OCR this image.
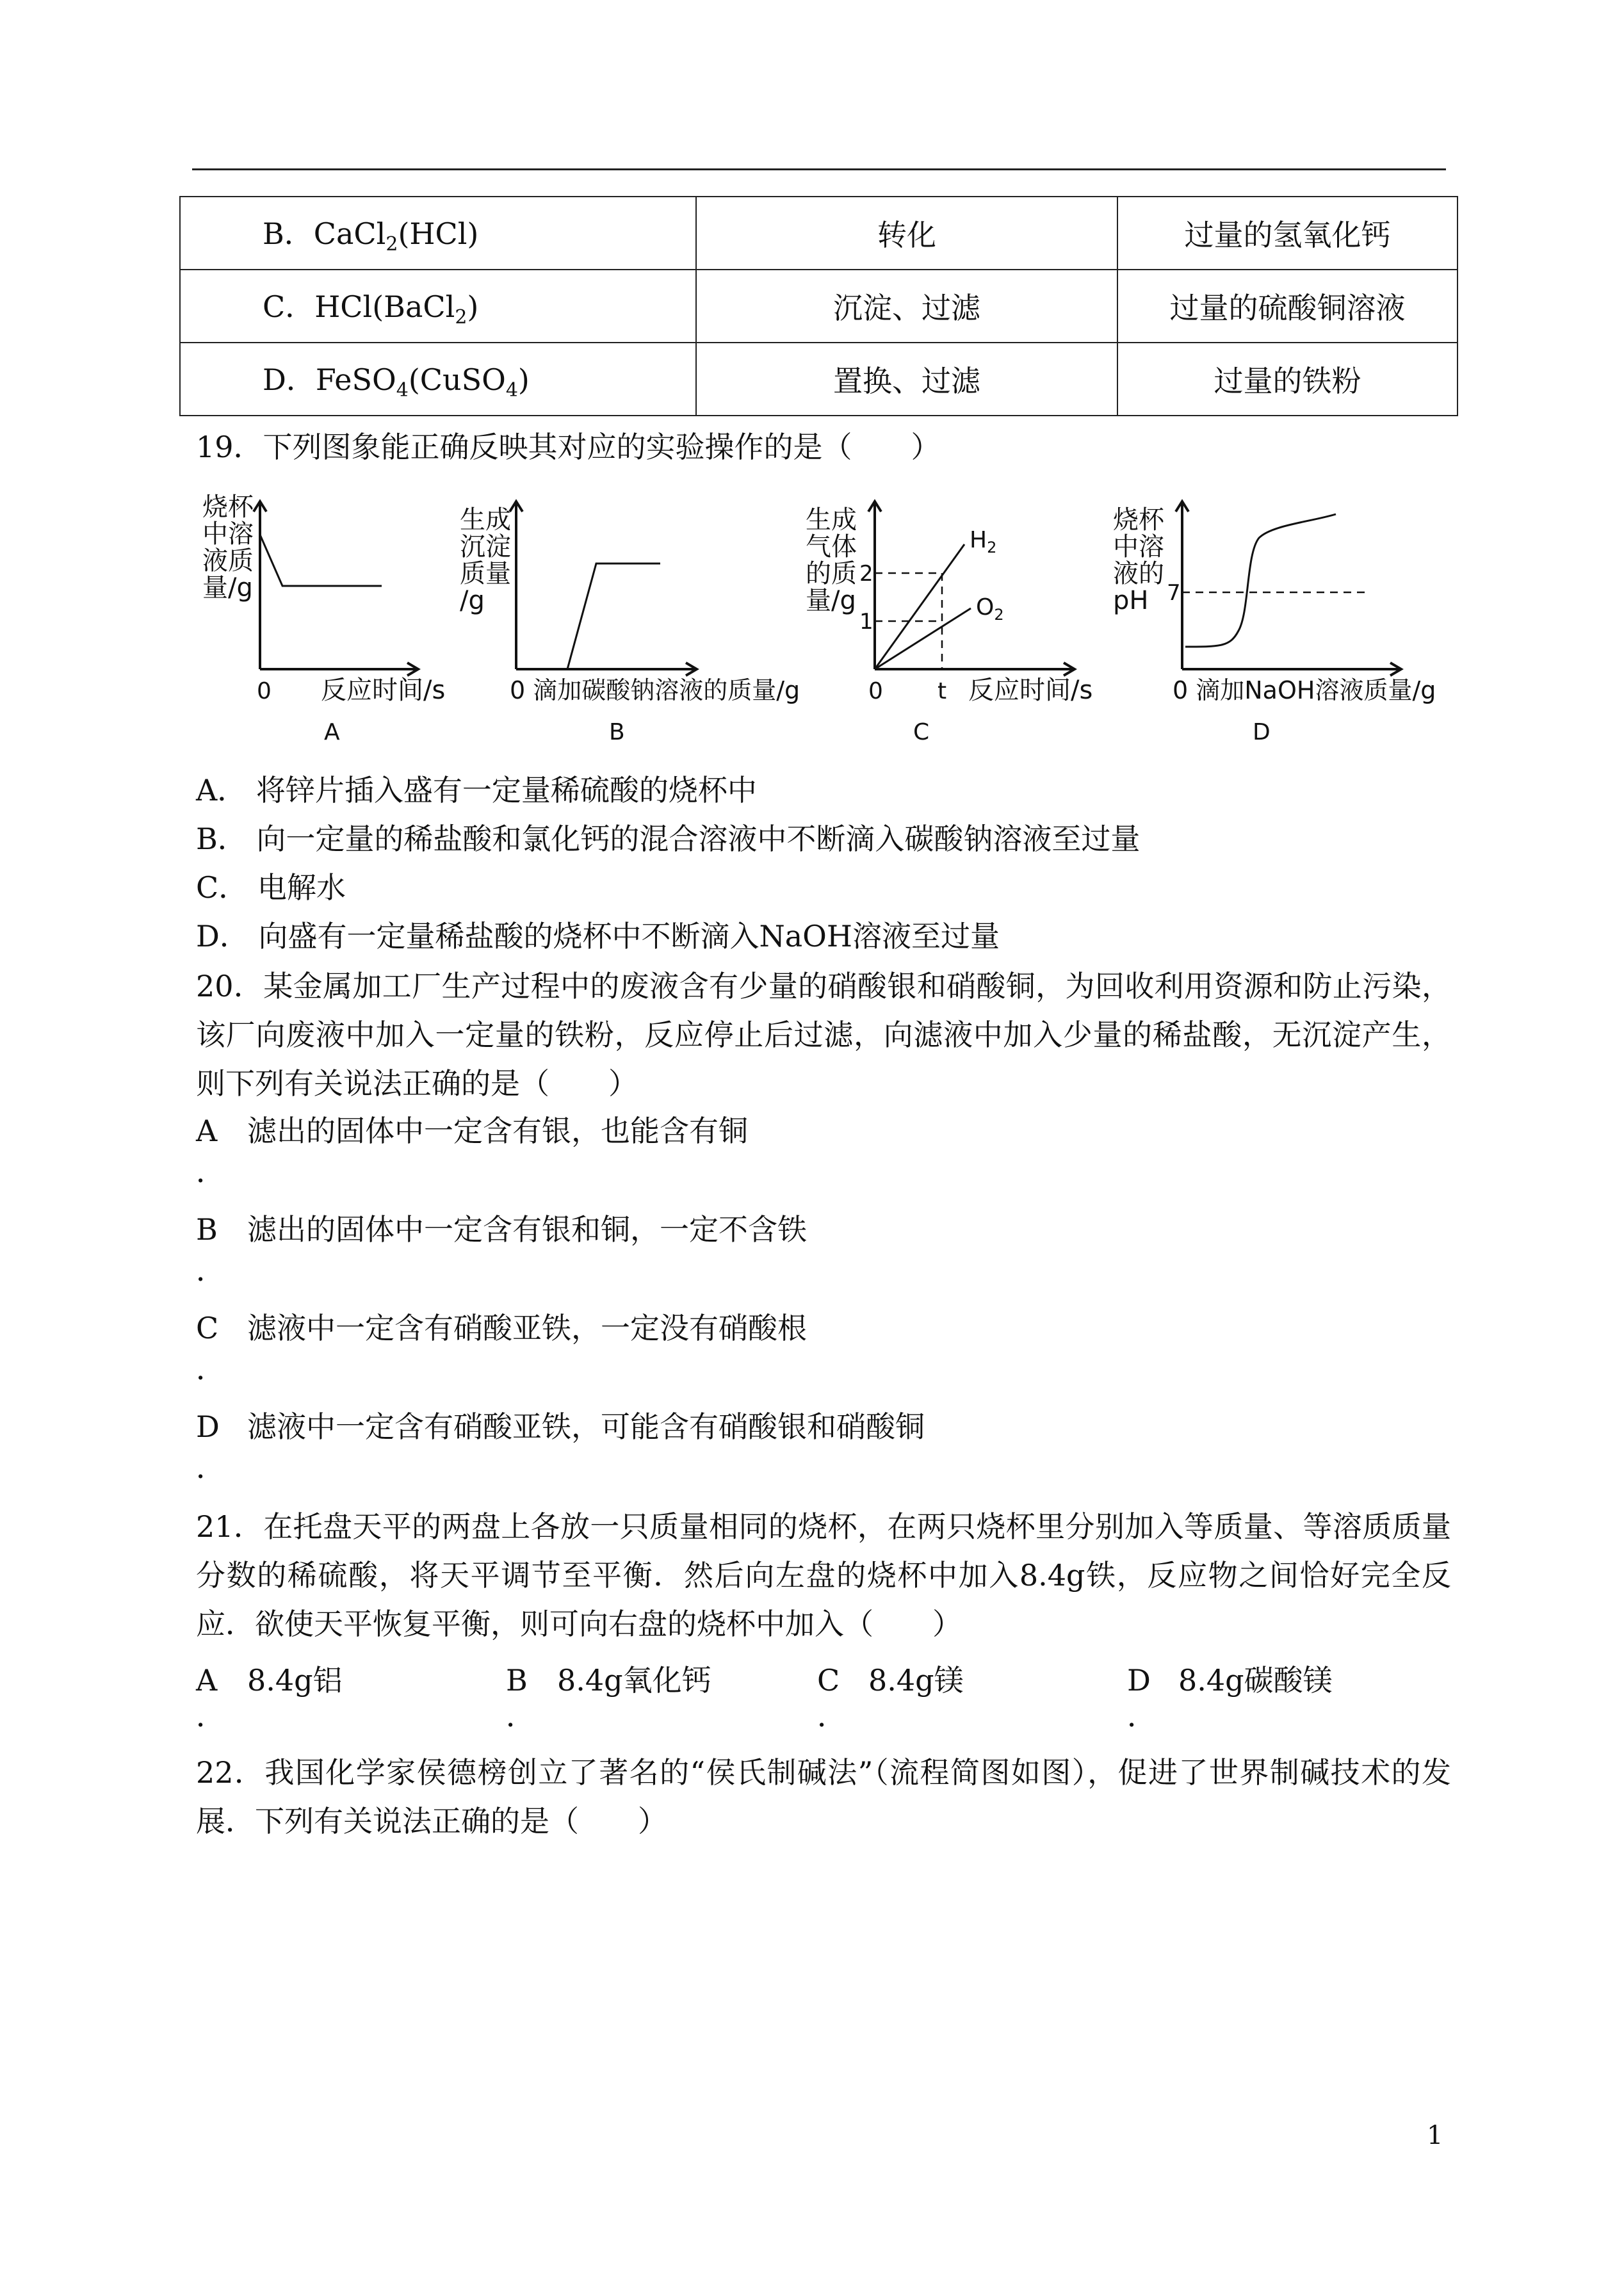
B．CaCl$_2$(HCl)	转化	过量的氢氧化钙
C．HCl(BaCl$_2$)	沉淀、过滤	过量的硫酸铜溶液
D．FeSO$_4$(CuSO$_4$)	置换、过滤	过量的铁粉
19．下列图象能正确反映其对应的实验操作的是（　　）
烧杯
中溶
液质
量/g
0 反应时间/s
A
生成
沉淀
质量
/g
0 滴加碳酸钠溶液的质量/g
B
生成
气体
的质
量/g
2
1
0 t 反应时间/s
$H_2$
$O_2$
C
烧杯
中溶
液的
pH 7
0 滴加NaOH溶液质量/g
D
A． 将锌片插入盛有一定量稀硫酸的烧杯中
B． 向一定量的稀盐酸和氯化钙的混合溶液中不断滴入碳酸钠溶液至过量
C． 电解水
D． 向盛有一定量稀盐酸的烧杯中不断滴入NaOH溶液至过量
20．某金属加工厂生产过程中的废液含有少量的硝酸银和硝酸铜，为回收利用资源和防止污染，该厂向废液中加入一定量的铁粉，反应停止后过滤，向滤液中加入少量的稀盐酸，无沉淀产生，则下列有关说法正确的是（　　）
A 滤出的固体中一定含有银，也能含有铜
．
B 滤出的固体中一定含有银和铜，一定不含铁
．
C 滤液中一定含有硝酸亚铁，一定没有硝酸根
．
D 滤液中一定含有硝酸亚铁，可能含有硝酸银和硝酸铜
．
21．在托盘天平的两盘上各放一只质量相同的烧杯，在两只烧杯里分别加入等质量、等溶质质量分数的稀硫酸，将天平调节至平衡．然后向左盘的烧杯中加入8.4g铁，反应物之间恰好完全反应．欲使天平恢复平衡，则可向右盘的烧杯中加入（　　）
A 8.4g铝	B 8.4g氧化钙	C 8.4g镁	D 8.4g碳酸镁
．	．	．	．
22．我国化学家侯德榜创立了著名的“侯氏制碱法”（流程简图如图），促进了世界制碱技术的发展．下列有关说法正确的是（　　）
1
